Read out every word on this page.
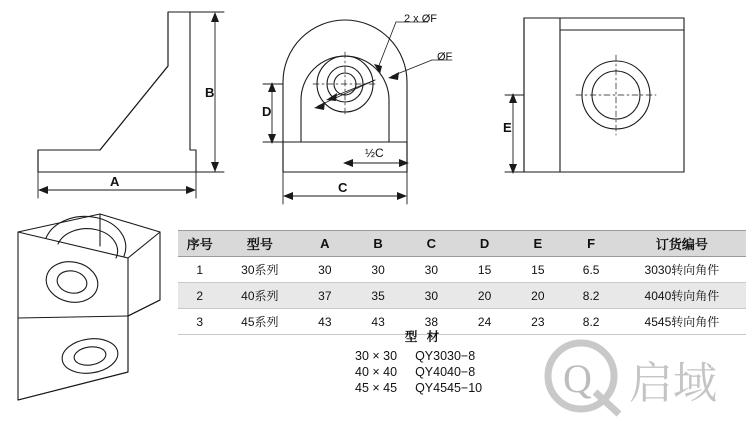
B
A
2 x ØF
ØF
D
½C
C
E
序号	型号	A	B	C	D	E	F	订货编号
1	30系列	30	30	30	15	15	6.5	3030转向角件
2	40系列	37	35	30	20	20	8.2	4040转向角件
3	45系列	43	43	38	24	23	8.2	4545转向角件
型 材
30 × 30	QY3030−8
40 × 40	QY4040−8
45 × 45	QY4545−10 Q 启域
